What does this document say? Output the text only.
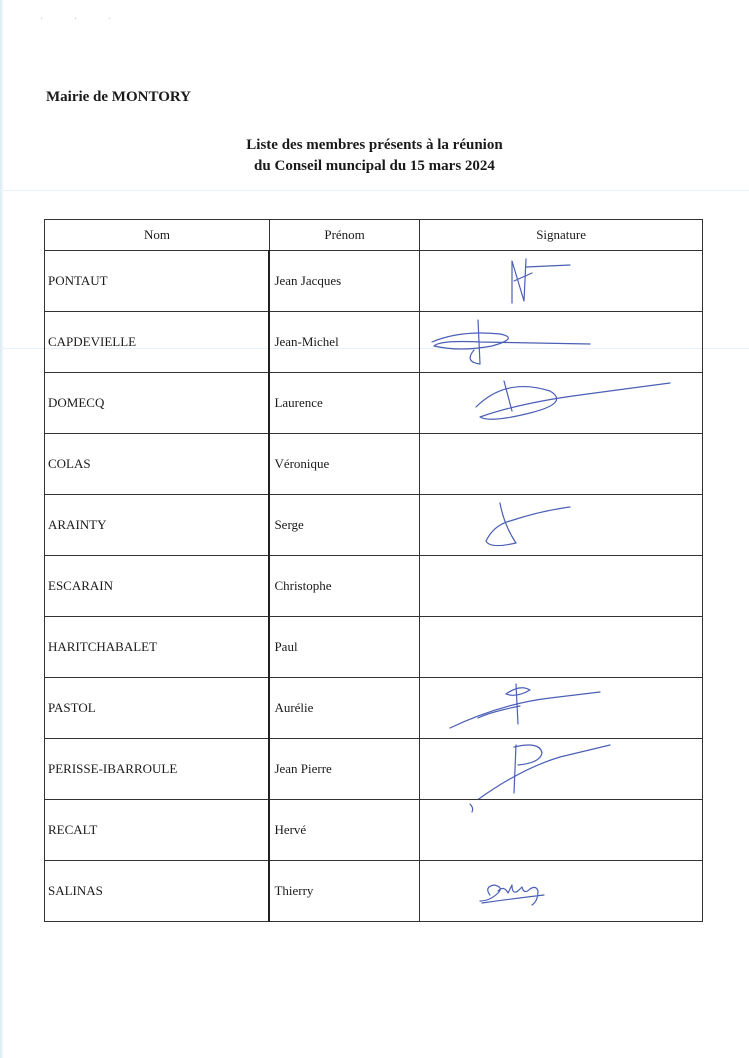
· · ·
Mairie de MONTORY
Liste des membres présents à la réunion
du Conseil muncipal du 15 mars 2024
Nom	Prénom	Signature
PONTAUT	Jean Jacques	

CAPDEVIELLE	Jean-Michel	

DOMECQ	Laurence	

COLAS	Véronique	
ARAINTY	Serge	

ESCARAIN	Christophe	
HARITCHABALET	Paul	
PASTOL	Aurélie	

PERISSE-IBARROULE	Jean Pierre	

RECALT	Hervé	

SALINAS	Thierry	
